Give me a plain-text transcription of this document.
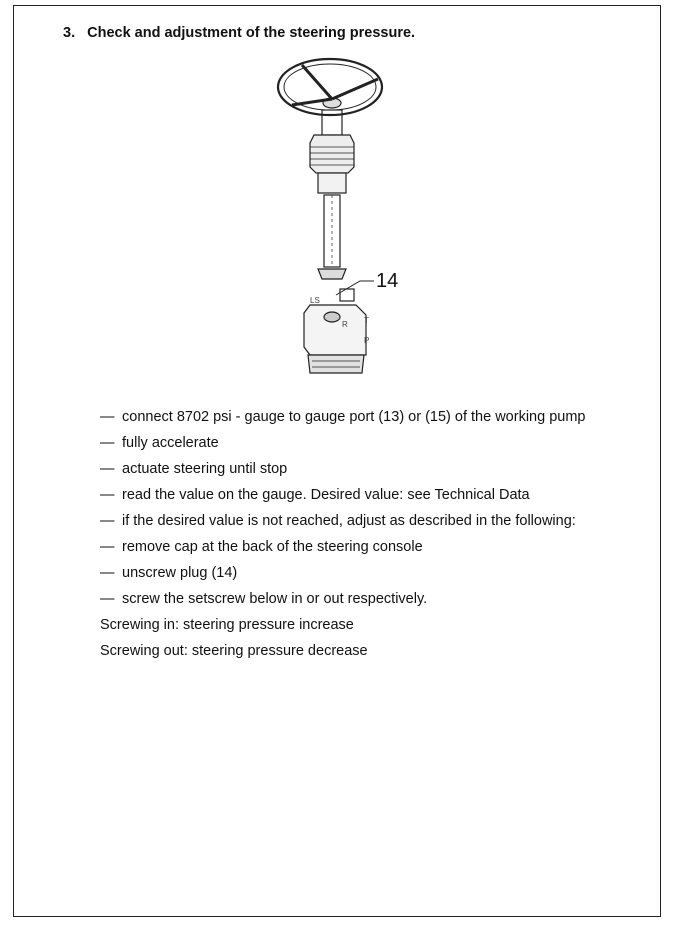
3. Check and adjustment of the steering pressure.
14
LS
R T
P
— connect 8702 psi - gauge to gauge port (13) or (15) of the working pump
— fully accelerate
— actuate steering until stop
— read the value on the gauge. Desired value: see Technical Data
— if the desired value is not reached, adjust as described in the following:
— remove cap at the back of the steering console
— unscrew plug (14)
— screw the setscrew below in or out respectively.
Screwing in: steering pressure increase
Screwing out: steering pressure decrease
